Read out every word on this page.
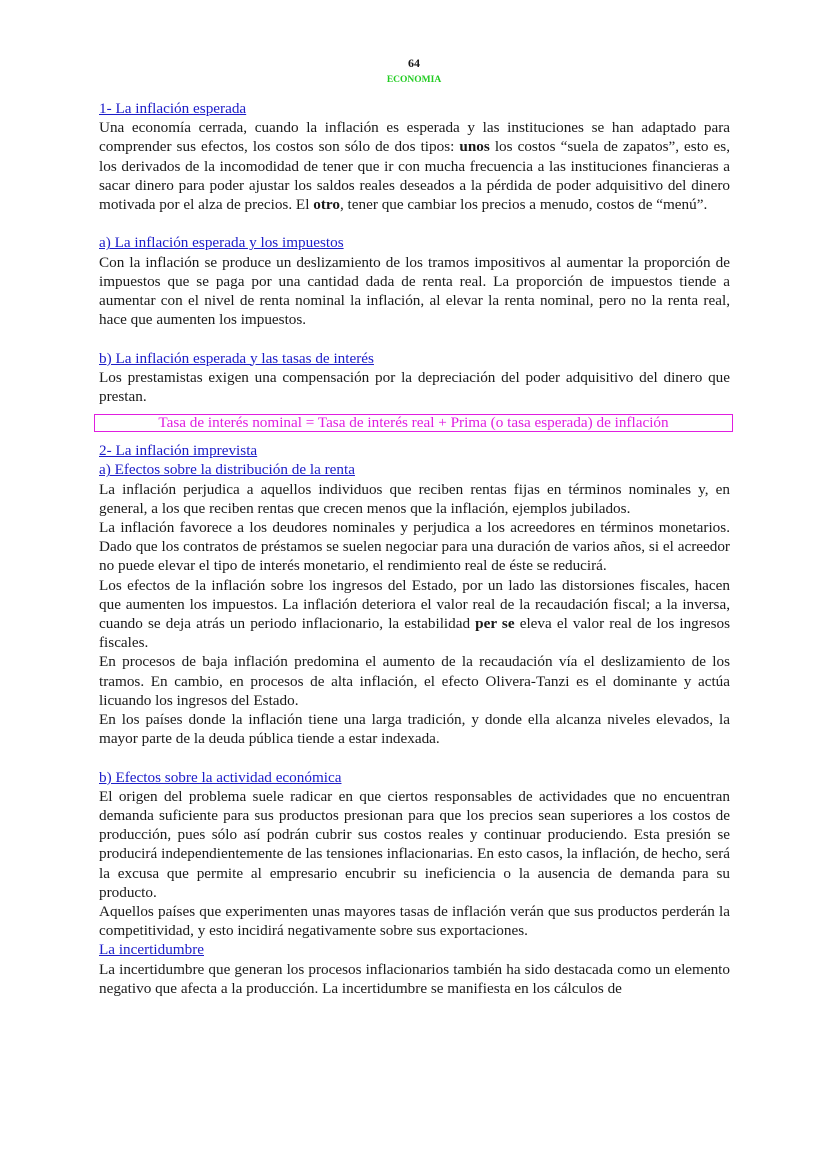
64
ECONOMIA
1- La inflación esperada

Una economía cerrada, cuando la inflación es esperada y las instituciones se han adaptado para comprender sus efectos, los costos son sólo de dos tipos: unos los costos “suela de zapatos”, esto es, los derivados de la incomodidad de tener que ir con mucha frecuencia a las instituciones financieras a sacar dinero para poder ajustar los saldos reales deseados a la pérdida de poder adquisitivo del dinero motivada por el alza de precios. El otro, tener que cambiar los precios a menudo, costos de “menú”.

a) La inflación esperada y los impuestos

Con la inflación se produce un deslizamiento de los tramos impositivos al aumentar la proporción de impuestos que se paga por una cantidad dada de renta real. La proporción de impuestos tiende a aumentar con el nivel de renta nominal la inflación, al elevar la renta nominal, pero no la renta real, hace que aumenten los impuestos.

b) La inflación esperada y las tasas de interés

Los prestamistas exigen una compensación por la depreciación del poder adquisitivo del dinero que prestan.

Tasa de interés nominal = Tasa de interés real + Prima (o tasa esperada) de inflación
2- La inflación imprevista
a) Efectos sobre la distribución de la renta

La inflación perjudica a aquellos individuos que reciben rentas fijas en términos nominales y, en general, a los que reciben rentas que crecen menos que la inflación, ejemplos jubilados.

La inflación favorece a los deudores nominales y perjudica a los acreedores en términos monetarios. Dado que los contratos de préstamos se suelen negociar para una duración de varios años, si el acreedor no puede elevar el tipo de interés monetario, el rendimiento real de éste se reducirá.

Los efectos de la inflación sobre los ingresos del Estado, por un lado las distorsiones fiscales, hacen que aumenten los impuestos. La inflación deteriora el valor real de la recaudación fiscal; a la inversa, cuando se deja atrás un periodo inflacionario, la estabilidad per se eleva el valor real de los ingresos fiscales.

En procesos de baja inflación predomina el aumento de la recaudación vía el deslizamiento de los tramos. En cambio, en procesos de alta inflación, el efecto Olivera-Tanzi es el dominante y actúa licuando los ingresos del Estado.

En los países donde la inflación tiene una larga tradición, y donde ella alcanza niveles elevados, la mayor parte de la deuda pública tiende a estar indexada.

b) Efectos sobre la actividad económica

El origen del problema suele radicar en que ciertos responsables de actividades que no encuentran demanda suficiente para sus productos presionan para que los precios sean superiores a los costos de producción, pues sólo así podrán cubrir sus costos reales y continuar produciendo. Esta presión se producirá independientemente de las tensiones inflacionarias. En esto casos, la inflación, de hecho, será la excusa que permite al empresario encubrir su ineficiencia o la ausencia de demanda para su producto.

Aquellos países que experimenten unas mayores tasas de inflación verán que sus productos perderán la competitividad, y esto incidirá negativamente sobre sus exportaciones.

La incertidumbre

La incertidumbre que generan los procesos inflacionarios también ha sido destacada como un elemento negativo que afecta a la producción. La incertidumbre se manifiesta en los cálculos de
